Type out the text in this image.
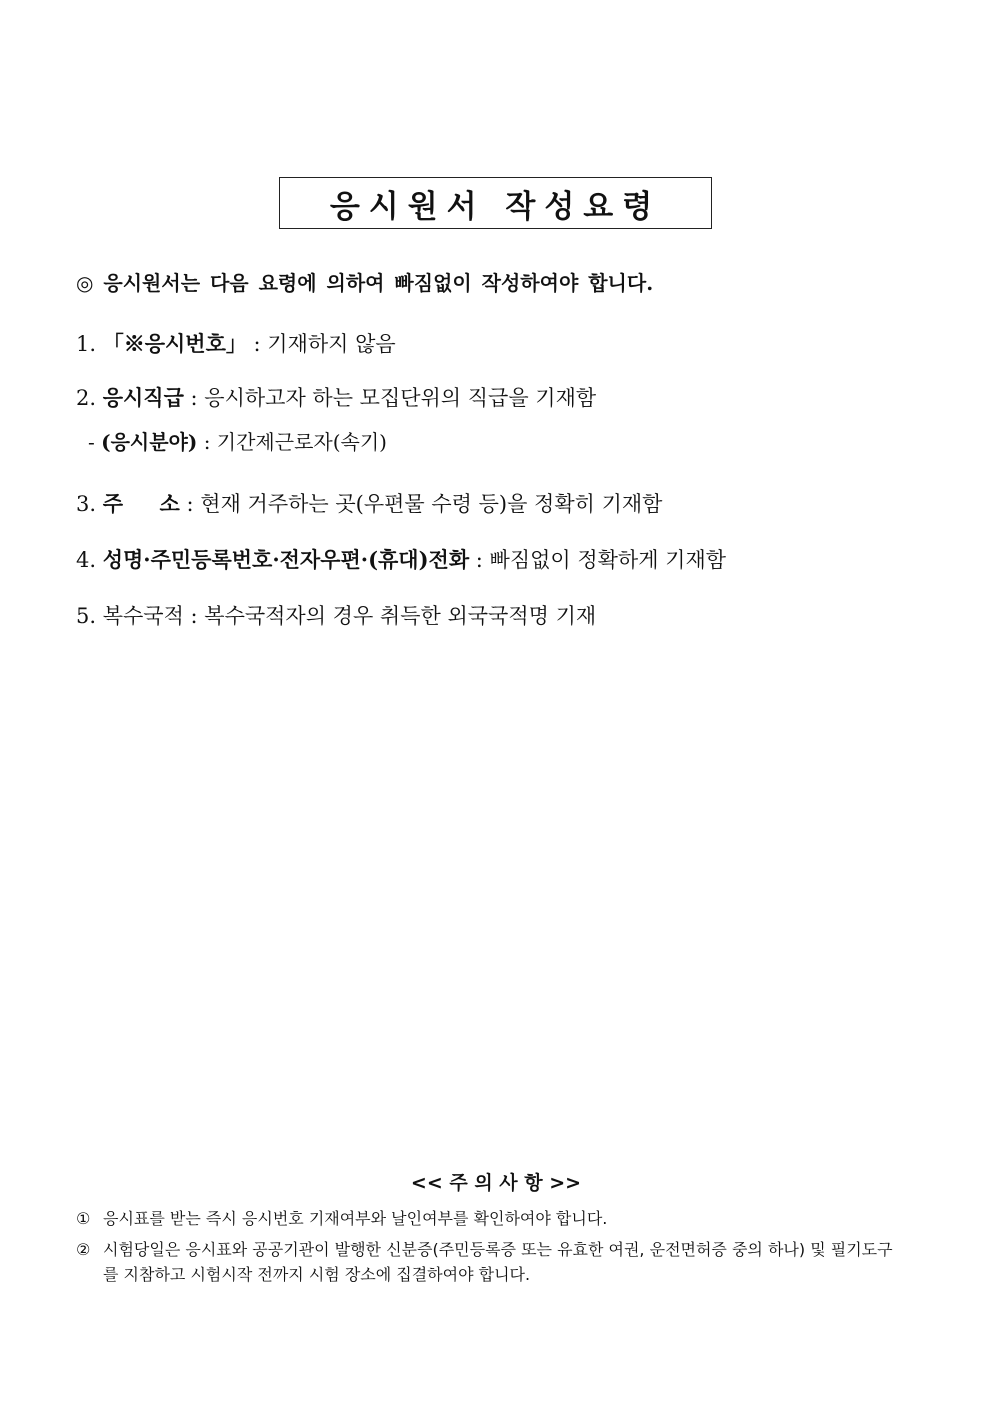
응시원서 작성요령
◎ 응시원서는 다음 요령에 의하여 빠짐없이 작성하여야 합니다.
1. 「※응시번호」 : 기재하지 않음
2. 응시직급 : 응시하고자 하는 모집단위의 직급을 기재함
- (응시분야) : 기간제근로자(속기)
3. 주     소 : 현재 거주하는 곳(우편물 수령 등)을 정확히 기재함
4. 성명·주민등록번호·전자우편·(휴대)전화 : 빠짐없이 정확하게 기재함
5. 복수국적 : 복수국적자의 경우 취득한 외국국적명 기재
<< 주 의 사 항 >>
① 응시표를 받는 즉시 응시번호 기재여부와 날인여부를 확인하여야 합니다.
② 시험당일은 응시표와 공공기관이 발행한 신분증(주민등록증 또는 유효한 여권, 운전면허증 중의 하나) 및 필기도구를 지참하고 시험시작 전까지 시험 장소에 집결하여야 합니다.
